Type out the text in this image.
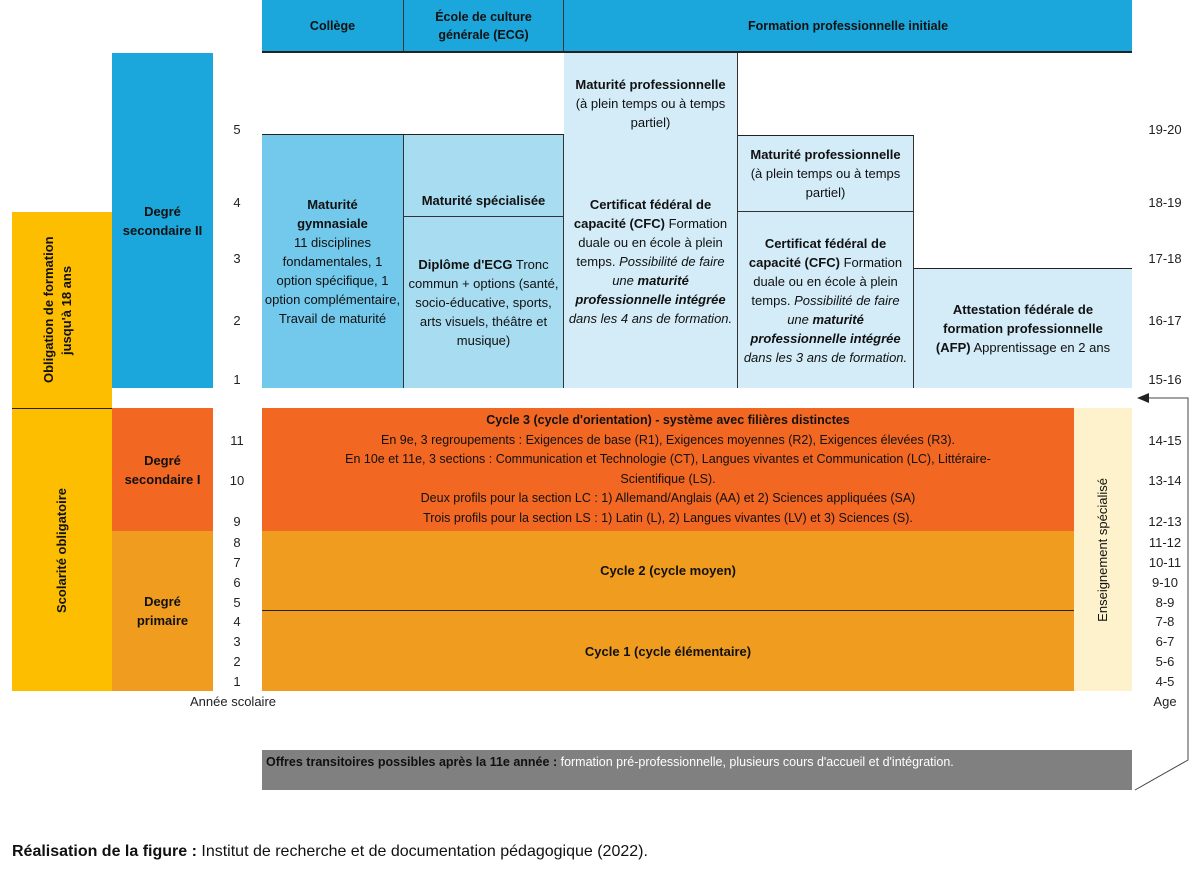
Collège
École de culture générale (ECG)
Formation professionnelle initiale
Degré secondaire II
Obligation de formation jusqu'à 18 ans
Scolarité obligatoire
Degré secondaire I
Degré primaire
5
4
3
2
1
11
10
9
8
7
6
5
4
3
2
1
Année scolaire
Maturité gymnasiale
11 disciplines fondamentales, 1 option spécifique, 1 option complémentaire, Travail de maturité
Maturité spécialisée
Diplôme d'ECG Tronc commun + options (santé, socio-éducative, sports, arts visuels, théâtre et musique)
Maturité professionnelle
(à plein temps ou à temps partiel)
Certificat fédéral de capacité (CFC) Formation duale ou en école à plein temps. Possibilité de faire une maturité professionnelle intégrée dans les 4 ans de formation.
Maturité professionnelle
(à plein temps ou à temps partiel)
Certificat fédéral de capacité (CFC) Formation duale ou en école à plein temps. Possibilité de faire une maturité professionnelle intégrée dans les 3 ans de formation.
Attestation fédérale de formation professionnelle (AFP) Apprentissage en 2 ans
Cycle 3 (cycle d'orientation) - système avec filières distinctes
En 9e, 3 regroupements : Exigences de base (R1), Exigences moyennes (R2), Exigences élevées (R3).
En 10e et 11e, 3 sections : Communication et Technologie (CT), Langues vivantes et Communication (LC), Littéraire-Scientifique (LS).
Deux profils pour la section LC : 1) Allemand/Anglais (AA) et 2) Sciences appliquées (SA)
Trois profils pour la section LS : 1) Latin (L), 2) Langues vivantes (LV) et 3) Sciences (S).
Cycle 2 (cycle moyen)
Cycle 1 (cycle élémentaire)
Enseignement spécialisé
19-20
18-19
17-18
16-17
15-16
14-15
13-14
12-13
11-12
10-11
9-10
8-9
7-8
6-7
5-6
4-5
Age
Offres transitoires possibles après la 11e année : formation pré-professionnelle, plusieurs cours d'accueil et d'intégration.
Réalisation de la figure : Institut de recherche et de documentation pédagogique (2022).
